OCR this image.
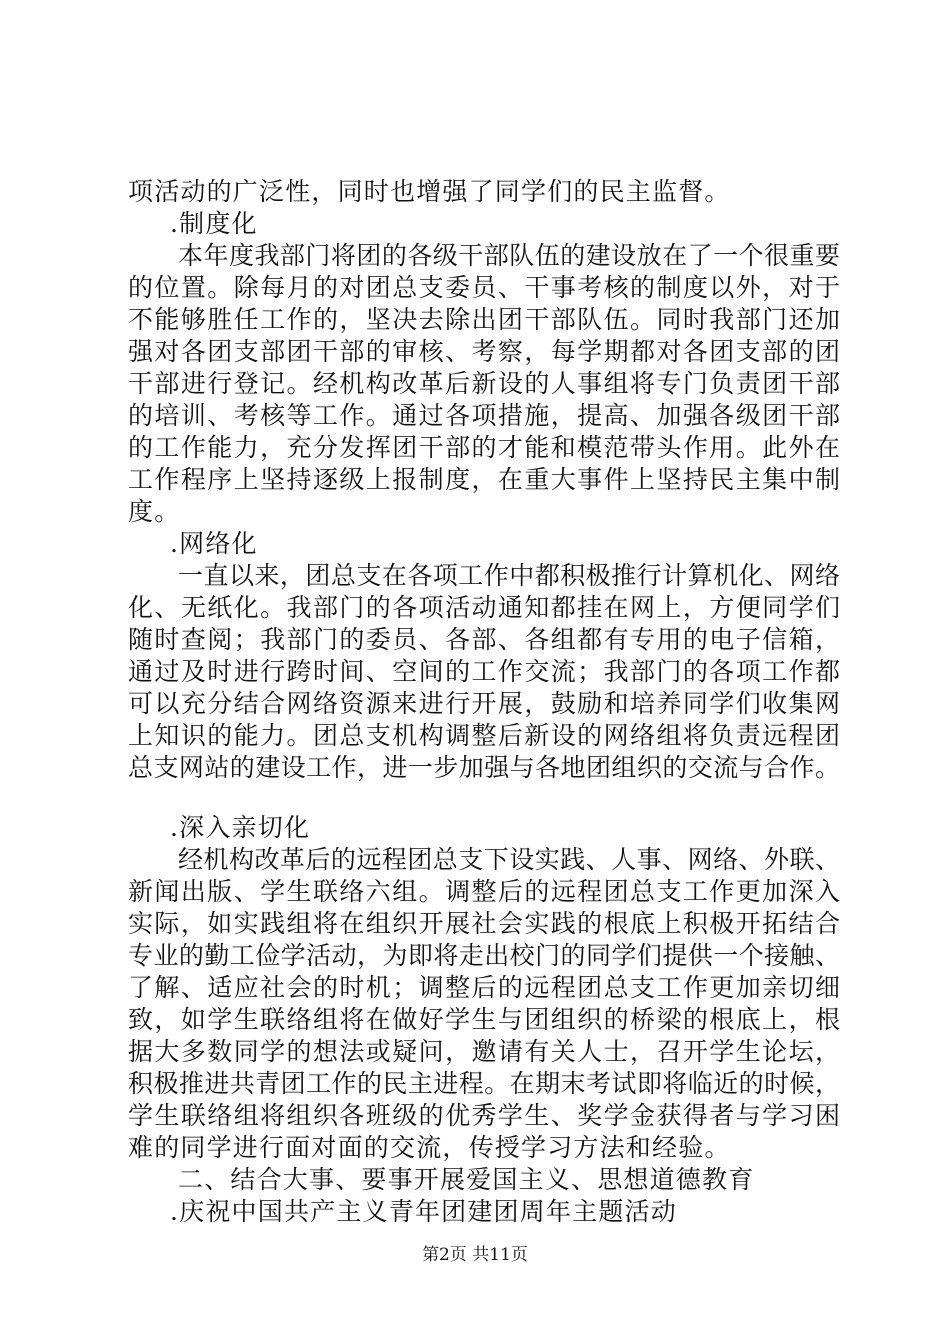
项活动的广泛性，同时也增强了同学们的民主监督。
.制度化
本年度我部门将团的各级干部队伍的建设放在了一个很重要
的位置。除每月的对团总支委员、干事考核的制度以外，对于
不能够胜任工作的，坚决去除出团干部队伍。同时我部门还加
强对各团支部团干部的审核、考察，每学期都对各团支部的团
干部进行登记。经机构改革后新设的人事组将专门负责团干部
的培训、考核等工作。通过各项措施，提高、加强各级团干部
的工作能力，充分发挥团干部的才能和模范带头作用。此外在
工作程序上坚持逐级上报制度，在重大事件上坚持民主集中制
度。
.网络化
一直以来，团总支在各项工作中都积极推行计算机化、网络
化、无纸化。我部门的各项活动通知都挂在网上，方便同学们
随时查阅；我部门的委员、各部、各组都有专用的电子信箱，
通过及时进行跨时间、空间的工作交流；我部门的各项工作都
可以充分结合网络资源来进行开展，鼓励和培养同学们收集网
上知识的能力。团总支机构调整后新设的网络组将负责远程团
总支网站的建设工作，进一步加强与各地团组织的交流与合作。
.深入亲切化
经机构改革后的远程团总支下设实践、人事、网络、外联、
新闻出版、学生联络六组。调整后的远程团总支工作更加深入
实际，如实践组将在组织开展社会实践的根底上积极开拓结合
专业的勤工俭学活动，为即将走出校门的同学们提供一个接触、
了解、适应社会的时机；调整后的远程团总支工作更加亲切细
致，如学生联络组将在做好学生与团组织的桥梁的根底上，根
据大多数同学的想法或疑问，邀请有关人士，召开学生论坛，
积极推进共青团工作的民主进程。在期末考试即将临近的时候，
学生联络组将组织各班级的优秀学生、奖学金获得者与学习困
难的同学进行面对面的交流，传授学习方法和经验。
二、结合大事、要事开展爱国主义、思想道德教育
.庆祝中国共产主义青年团建团周年主题活动
第2页 共11页
